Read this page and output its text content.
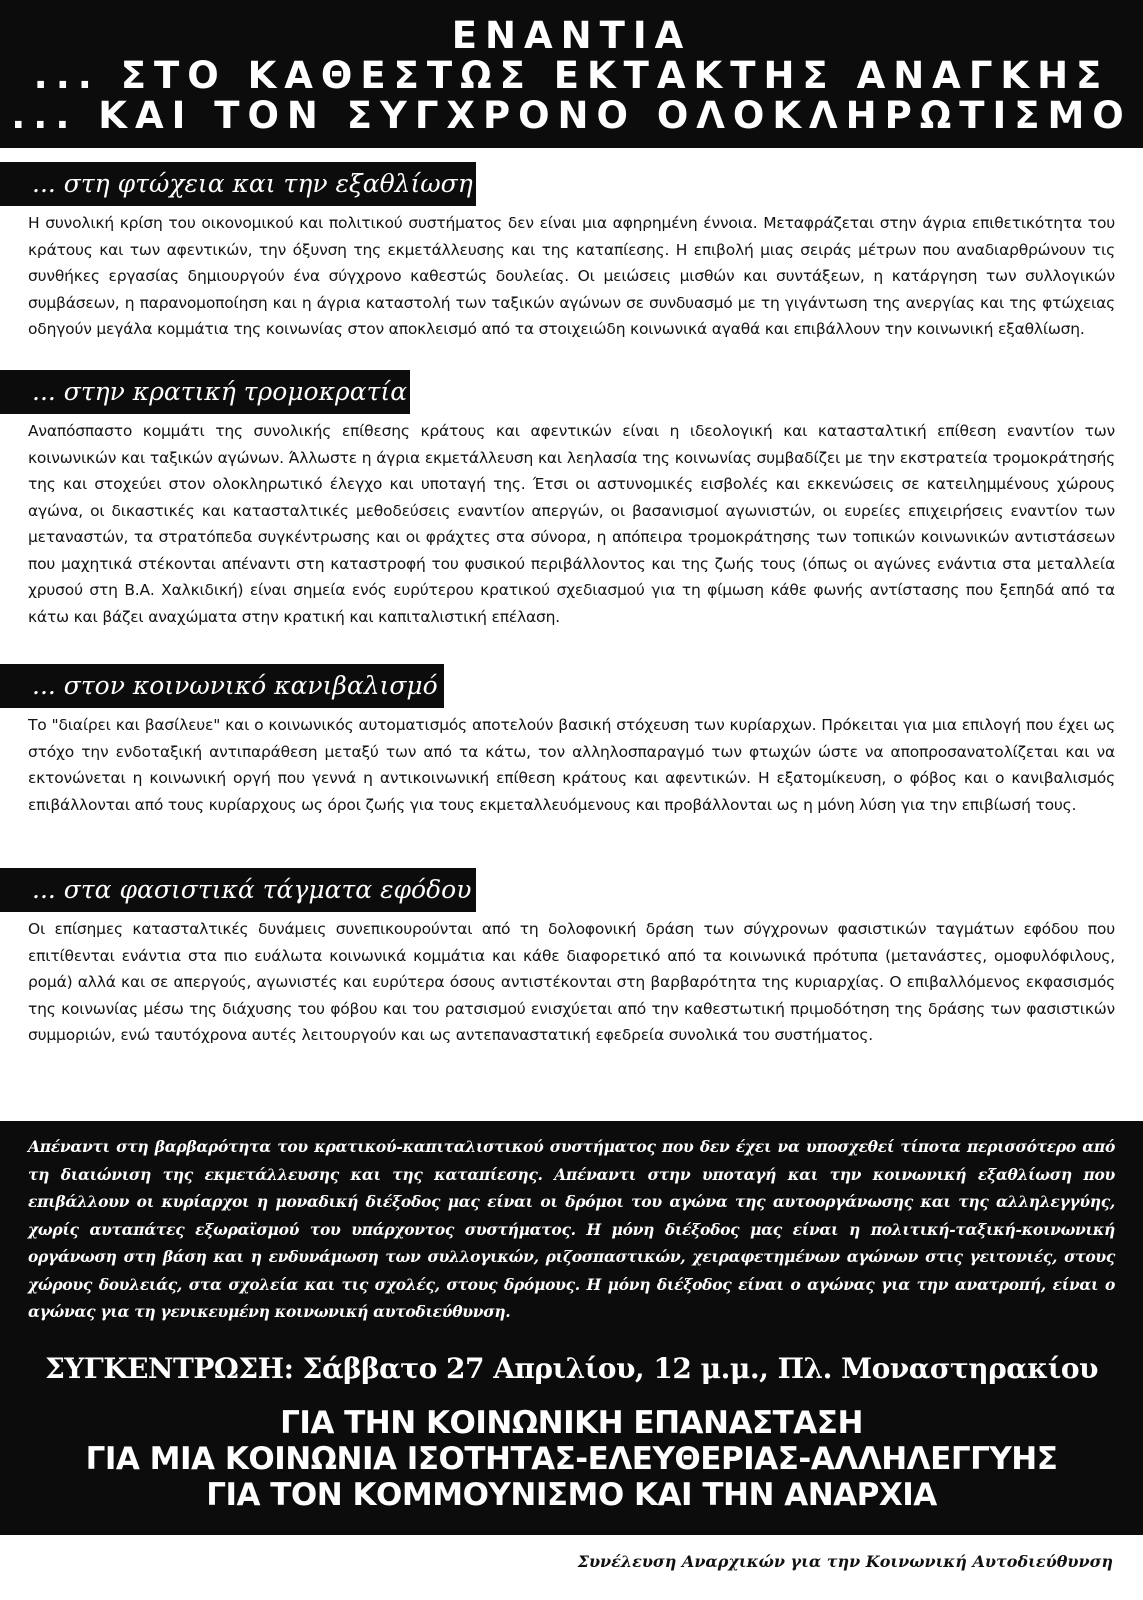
ΕΝΑΝΤΙΑ
... ΣΤΟ ΚΑΘΕΣΤΩΣ ΕΚΤΑΚΤΗΣ ΑΝΑΓΚΗΣ
... ΚΑΙ ΤΟΝ ΣΥΓΧΡΟΝΟ ΟΛΟΚΛΗΡΩΤΙΣΜΟ
... στη φτώχεια και την εξαθλίωση
Η συνολική κρίση του οικονομικού και πολιτικού συστήματος δεν είναι μια αφηρημένη έννοια. Μεταφράζεται στην άγρια επιθετικότητα του κράτους και των αφεντικών, την όξυνση της εκμετάλλευσης και της καταπίεσης. Η επιβολή μιας σειράς μέτρων που αναδιαρθρώνουν τις συνθήκες εργασίας δημιουργούν ένα σύγχρονο καθεστώς δουλείας. Οι μειώσεις μισθών και συντάξεων, η κατάργηση των συλλογικών συμβάσεων, η παρανομοποίηση και η άγρια καταστολή των ταξικών αγώνων σε συνδυασμό με τη γιγάντωση της ανεργίας και της φτώχειας οδηγούν μεγάλα κομμάτια της κοινωνίας στον αποκλεισμό από τα στοιχειώδη κοινωνικά αγαθά και επιβάλλουν την κοινωνική εξαθλίωση.
... στην κρατική τρομοκρατία
Αναπόσπαστο κομμάτι της συνολικής επίθεσης κράτους και αφεντικών είναι η ιδεολογική και κατασταλτική επίθεση εναντίον των κοινωνικών και ταξικών αγώνων. Άλλωστε η άγρια εκμετάλλευση και λεηλασία της κοινωνίας συμβαδίζει με την εκστρατεία τρομοκράτησής της και στοχεύει στον ολοκληρωτικό έλεγχο και υποταγή της. Έτσι οι αστυνομικές εισβολές και εκκενώσεις σε κατειλημμένους χώρους αγώνα, οι δικαστικές και κατασταλτικές μεθοδεύσεις εναντίον απεργών, οι βασανισμοί αγωνιστών, οι ευρείες επιχειρήσεις εναντίον των μεταναστών, τα στρατόπεδα συγκέντρωσης και οι φράχτες στα σύνορα, η απόπειρα τρομοκράτησης των τοπικών κοινωνικών αντιστάσεων που μαχητικά στέκονται απέναντι στη καταστροφή του φυσικού περιβάλλοντος και της ζωής τους (όπως οι αγώνες ενάντια στα μεταλλεία χρυσού στη Β.Α. Χαλκιδική) είναι σημεία ενός ευρύτερου κρατικού σχεδιασμού για τη φίμωση κάθε φωνής αντίστασης που ξεπηδά από τα κάτω και βάζει αναχώματα στην κρατική και καπιταλιστική επέλαση.
... στον κοινωνικό κανιβαλισμό
Το "διαίρει και βασίλευε" και ο κοινωνικός αυτοματισμός αποτελούν βασική στόχευση των κυρίαρχων. Πρόκειται για μια επιλογή που έχει ως στόχο την ενδοταξική αντιπαράθεση μεταξύ των από τα κάτω, τον αλληλοσπαραγμό των φτωχών ώστε να αποπροσανατολίζεται και να εκτονώνεται η κοινωνική οργή που γεννά η αντικοινωνική επίθεση κράτους και αφεντικών. Η εξατομίκευση, ο φόβος και ο κανιβαλισμός επιβάλλονται από τους κυρίαρχους ως όροι ζωής για τους εκμεταλλευόμενους και προβάλλονται ως η μόνη λύση για την επιβίωσή τους.
... στα φασιστικά τάγματα εφόδου
Οι επίσημες κατασταλτικές δυνάμεις συνεπικουρούνται από τη δολοφονική δράση των σύγχρονων φασιστικών ταγμάτων εφόδου που επιτίθενται ενάντια στα πιο ευάλωτα κοινωνικά κομμάτια και κάθε διαφορετικό από τα κοινωνικά πρότυπα (μετανάστες, ομοφυλόφιλους, ρομά) αλλά και σε απεργούς, αγωνιστές και ευρύτερα όσους αντιστέκονται στη βαρβαρότητα της κυριαρχίας. Ο επιβαλλόμενος εκφασισμός της κοινωνίας μέσω της διάχυσης του φόβου και του ρατσισμού ενισχύεται από την καθεστωτική πριμοδότηση της δράσης των φασιστικών συμμοριών, ενώ ταυτόχρονα αυτές λειτουργούν και ως αντεπαναστατική εφεδρεία συνολικά του συστήματος.
Απέναντι στη βαρβαρότητα του κρατικού-καπιταλιστικού συστήματος που δεν έχει να υποσχεθεί τίποτα περισσότερο από τη διαιώνιση της εκμετάλλευσης και της καταπίεσης. Απέναντι στην υποταγή και την κοινωνική εξαθλίωση που επιβάλλουν οι κυρίαρχοι η μοναδική διέξοδος μας είναι οι δρόμοι του αγώνα της αυτοοργάνωσης και της αλληλεγγύης, χωρίς αυταπάτες εξωραϊσμού του υπάρχοντος συστήματος. Η μόνη διέξοδος μας είναι η πολιτική-ταξική-κοινωνική οργάνωση στη βάση και η ενδυνάμωση των συλλογικών, ριζοσπαστικών, χειραφετημένων αγώνων στις γειτονιές, στους χώρους δουλειάς, στα σχολεία και τις σχολές, στους δρόμους. Η μόνη διέξοδος είναι ο αγώνας για την ανατροπή, είναι ο αγώνας για τη γενικευμένη κοινωνική αυτοδιεύθυνση.
ΣΥΓΚΕΝΤΡΩΣΗ: Σάββατο 27 Απριλίου, 12 μ.μ., Πλ. Μοναστηρακίου
ΓΙΑ ΤΗΝ ΚΟΙΝΩΝΙΚΗ ΕΠΑΝΑΣΤΑΣΗ
ΓΙΑ ΜΙΑ ΚΟΙΝΩΝΙΑ ΙΣΟΤΗΤΑΣ-ΕΛΕΥΘΕΡΙΑΣ-ΑΛΛΗΛΕΓΓΥΗΣ
ΓΙΑ ΤΟΝ ΚΟΜΜΟΥΝΙΣΜΟ ΚΑΙ ΤΗΝ ΑΝΑΡΧΙΑ
Συνέλευση Αναρχικών για την Κοινωνική Αυτοδιεύθυνση
